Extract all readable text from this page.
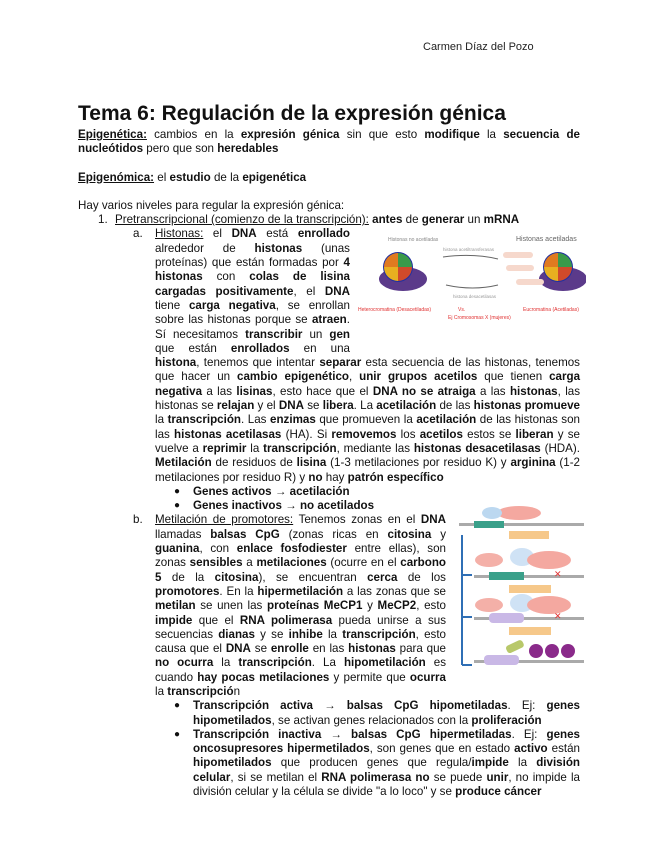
Carmen Díaz del Pozo
Tema 6: Regulación de la expresión génica

Epigenética: cambios en la expresión génica sin que esto modifique la secuencia de nucleótidos pero que son heredables

Epigenómica: el estudio de la epigenética

Hay varios niveles para regular la expresión génica:

1. Pretranscripcional (comienzo de la transcripción): antes de generar un mRNA

a.	Histonas no acetiladas	Histonas acetiladas
histona acetiltransferasas
histona desacetilasas
Heterocromatina (Desacetiladas)	Vs.
Ej Cromosomas X (mujeres)
Eucromatina (Acetiladas)

Histonas: el DNA está enrollado alrededor de histonas (unas proteínas) que están formadas por 4 histonas con colas de lisina cargadas positivamente, el DNA tiene carga negativa, se enrollan sobre las histonas porque se atraen. Sí necesitamos transcribir un gen que están enrollados en una histona, tenemos que intentar separar esta secuencia de las histonas, tenemos que hacer un cambio epigenético, unir grupos acetilos que tienen carga negativa a las lisinas, esto hace que el DNA no se atraiga a las histonas, las histonas se relajan y el DNA se libera. La acetilación de las histonas promueve la transcripción. Las enzimas que promueven la acetilación de las histonas son las histonas acetilasas (HA). Si removemos los acetilos estos se liberan y se vuelve a reprimir la transcripción, mediante las histonas desacetilasas (HDA). Metilación de residuos de lisina (1-3 metilaciones por residuo K) y arginina (1-2 metilaciones por residuo R) y no hay patrón específico

● Genes activos → acetilación
● Genes inactivos → no acetilados
b.
✕
✕

Metilación de promotores: Tenemos zonas en el DNA llamadas balsas CpG (zonas ricas en citosina y guanina, con enlace fosfodiester entre ellas), son zonas sensibles a metilaciones (ocurre en el carbono 5 de la citosina), se encuentran cerca de los promotores. En la hipermetilación a las zonas que se metilan se unen las proteínas MeCP1 y MeCP2, esto impide que el RNA polimerasa pueda unirse a sus secuencias dianas y se inhibe la transcripción, esto causa que el DNA se enrolle en las histonas para que no ocurra la transcripción. La hipometilación es cuando hay pocas metilaciones y permite que ocurra la transcripción

● Transcripción activa → balsas CpG hipometiladas. Ej: genes hipometilados, se activan genes relacionados con la proliferación

● Transcripción inactiva → balsas CpG hipermetiladas. Ej: genes oncosupresores hipermetilados, son genes que en estado activo están hipometilados que producen genes que regula/impide la división celular, si se metilan el RNA polimerasa no se puede unir, no impide la división celular y la célula se divide "a lo loco" y se produce cáncer
